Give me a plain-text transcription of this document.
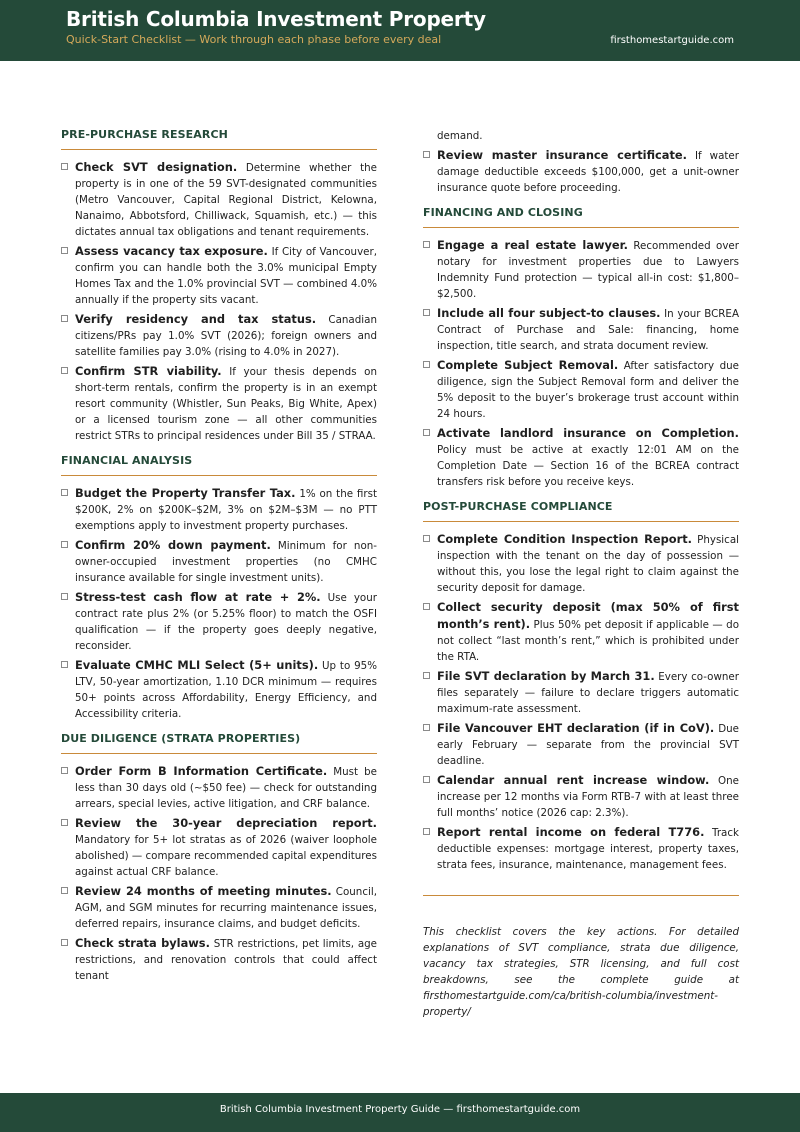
British Columbia Investment Property
Quick-Start Checklist — Work through each phase before every deal	firsthomestartguide.com
PRE-PURCHASE RESEARCH
Check SVT designation. Determine whether the property is in one of the 59 SVT-designated communities (Metro Vancouver, Capital Regional District, Kelowna, Nanaimo, Abbotsford, Chilliwack, Squamish, etc.) — this dictates annual tax obligations and tenant requirements.
Assess vacancy tax exposure. If City of Vancouver, confirm you can handle both the 3.0% municipal Empty Homes Tax and the 1.0% provincial SVT — combined 4.0% annually if the property sits vacant.
Verify residency and tax status. Canadian citizens/PRs pay 1.0% SVT (2026); foreign owners and satellite families pay 3.0% (rising to 4.0% in 2027).
Confirm STR viability. If your thesis depends on short-term rentals, confirm the property is in an exempt resort community (Whistler, Sun Peaks, Big White, Apex) or a licensed tourism zone — all other communities restrict STRs to principal residences under Bill 35 / STRAA.
FINANCIAL ANALYSIS
Budget the Property Transfer Tax. 1% on the first $200K, 2% on $200K–$2M, 3% on $2M–$3M — no PTT exemptions apply to investment property purchases.
Confirm 20% down payment. Minimum for non-owner-occupied investment properties (no CMHC insurance available for single investment units).
Stress-test cash flow at rate + 2%. Use your contract rate plus 2% (or 5.25% floor) to match the OSFI qualification — if the property goes deeply negative, reconsider.
Evaluate CMHC MLI Select (5+ units). Up to 95% LTV, 50-year amortization, 1.10 DCR minimum — requires 50+ points across Affordability, Energy Efficiency, and Accessibility criteria.
DUE DILIGENCE (STRATA PROPERTIES)
Order Form B Information Certificate. Must be less than 30 days old (~$50 fee) — check for outstanding arrears, special levies, active litigation, and CRF balance.
Review the 30-year depreciation report. Mandatory for 5+ lot stratas as of 2026 (waiver loophole abolished) — compare recommended capital expenditures against actual CRF balance.
Review 24 months of meeting minutes. Council, AGM, and SGM minutes for recurring maintenance issues, deferred repairs, insurance claims, and budget deficits.
Check strata bylaws. STR restrictions, pet limits, age restrictions, and renovation controls that could affect tenant
demand.
Review master insurance certificate. If water damage deductible exceeds $100,000, get a unit-owner insurance quote before proceeding.
FINANCING AND CLOSING
Engage a real estate lawyer. Recommended over notary for investment properties due to Lawyers Indemnity Fund protection — typical all-in cost: $1,800–$2,500.
Include all four subject-to clauses. In your BCREA Contract of Purchase and Sale: financing, home inspection, title search, and strata document review.
Complete Subject Removal. After satisfactory due diligence, sign the Subject Removal form and deliver the 5% deposit to the buyer’s brokerage trust account within 24 hours.
Activate landlord insurance on Completion. Policy must be active at exactly 12:01 AM on the Completion Date — Section 16 of the BCREA contract transfers risk before you receive keys.
POST-PURCHASE COMPLIANCE
Complete Condition Inspection Report. Physical inspection with the tenant on the day of possession — without this, you lose the legal right to claim against the security deposit for damage.
Collect security deposit (max 50% of first month’s rent). Plus 50% pet deposit if applicable — do not collect “last month’s rent,” which is prohibited under the RTA.
File SVT declaration by March 31. Every co-owner files separately — failure to declare triggers automatic maximum-rate assessment.
File Vancouver EHT declaration (if in CoV). Due early February — separate from the provincial SVT deadline.
Calendar annual rent increase window. One increase per 12 months via Form RTB-7 with at least three full months’ notice (2026 cap: 2.3%).
Report rental income on federal T776. Track deductible expenses: mortgage interest, property taxes, strata fees, insurance, maintenance, management fees.
This checklist covers the key actions. For detailed explanations of SVT compliance, strata due diligence, vacancy tax strategies, STR licensing, and full cost breakdowns, see the complete guide at firsthomestartguide.com/ca/british-columbia/investment-property/
British Columbia Investment Property Guide — firsthomestartguide.com
